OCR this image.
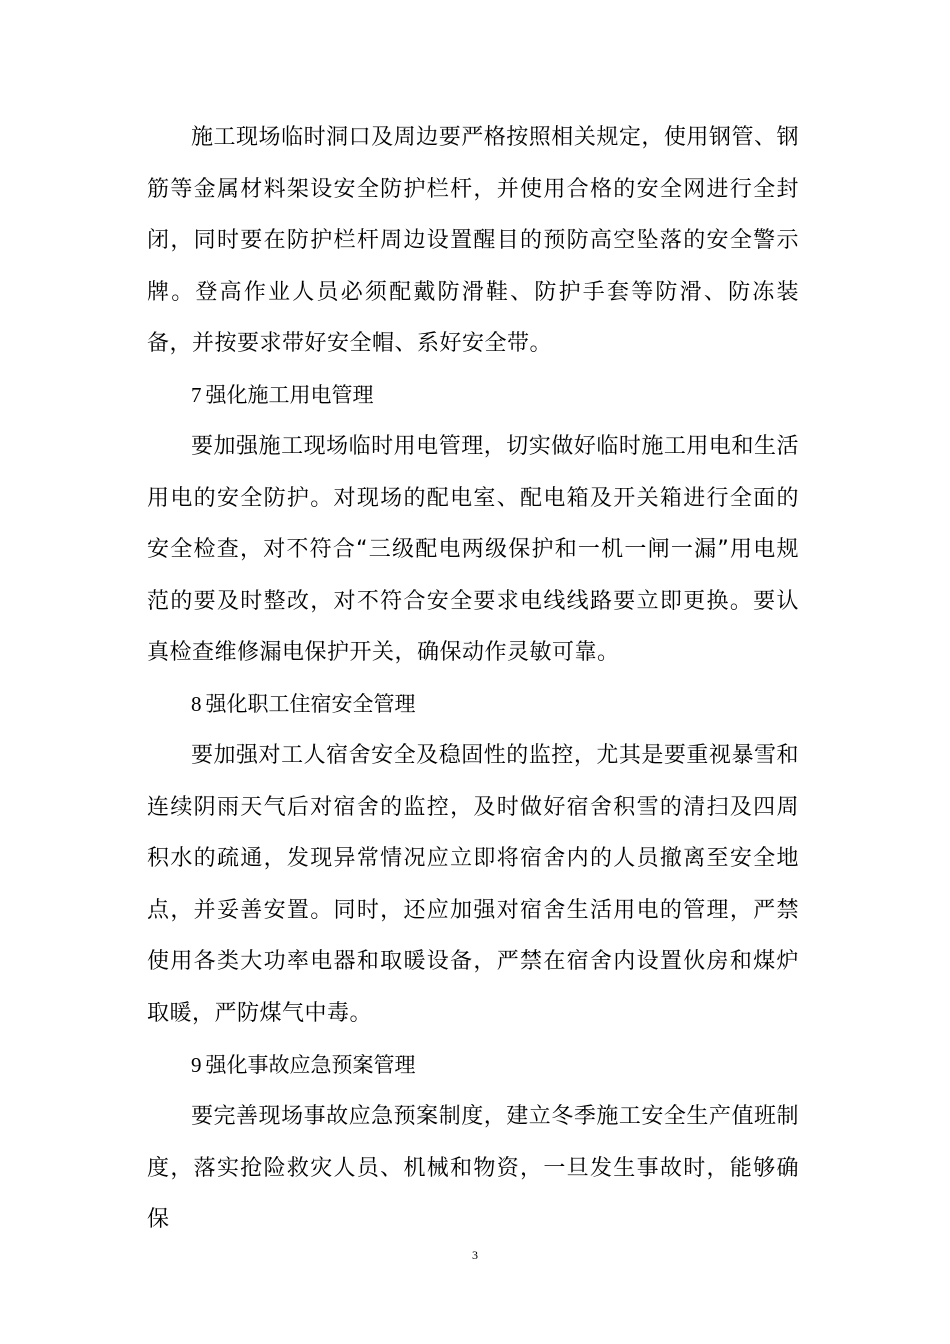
施工现场临时洞口及周边要严格按照相关规定，使用钢管、钢筋等金属材料架设安全防护栏杆，并使用合格的安全网进行全封闭，同时要在防护栏杆周边设置醒目的预防高空坠落的安全警示牌。登高作业人员必须配戴防滑鞋、防护手套等防滑、防冻装备，并按要求带好安全帽、系好安全带。

7 强化施工用电管理

要加强施工现场临时用电管理，切实做好临时施工用电和生活用电的安全防护。对现场的配电室、配电箱及开关箱进行全面的安全检查，对不符合“三级配电两级保护和一机一闸一漏”用电规范的要及时整改，对不符合安全要求电线线路要立即更换。要认真检查维修漏电保护开关，确保动作灵敏可靠。

8 强化职工住宿安全管理

要加强对工人宿舍安全及稳固性的监控，尤其是要重视暴雪和连续阴雨天气后对宿舍的监控，及时做好宿舍积雪的清扫及四周积水的疏通，发现异常情况应立即将宿舍内的人员撤离至安全地点，并妥善安置。同时，还应加强对宿舍生活用电的管理，严禁使用各类大功率电器和取暖设备，严禁在宿舍内设置伙房和煤炉取暖，严防煤气中毒。

9 强化事故应急预案管理

要完善现场事故应急预案制度，建立冬季施工安全生产值班制度，落实抢险救灾人员、机械和物资，一旦发生事故时，能够确保

3
